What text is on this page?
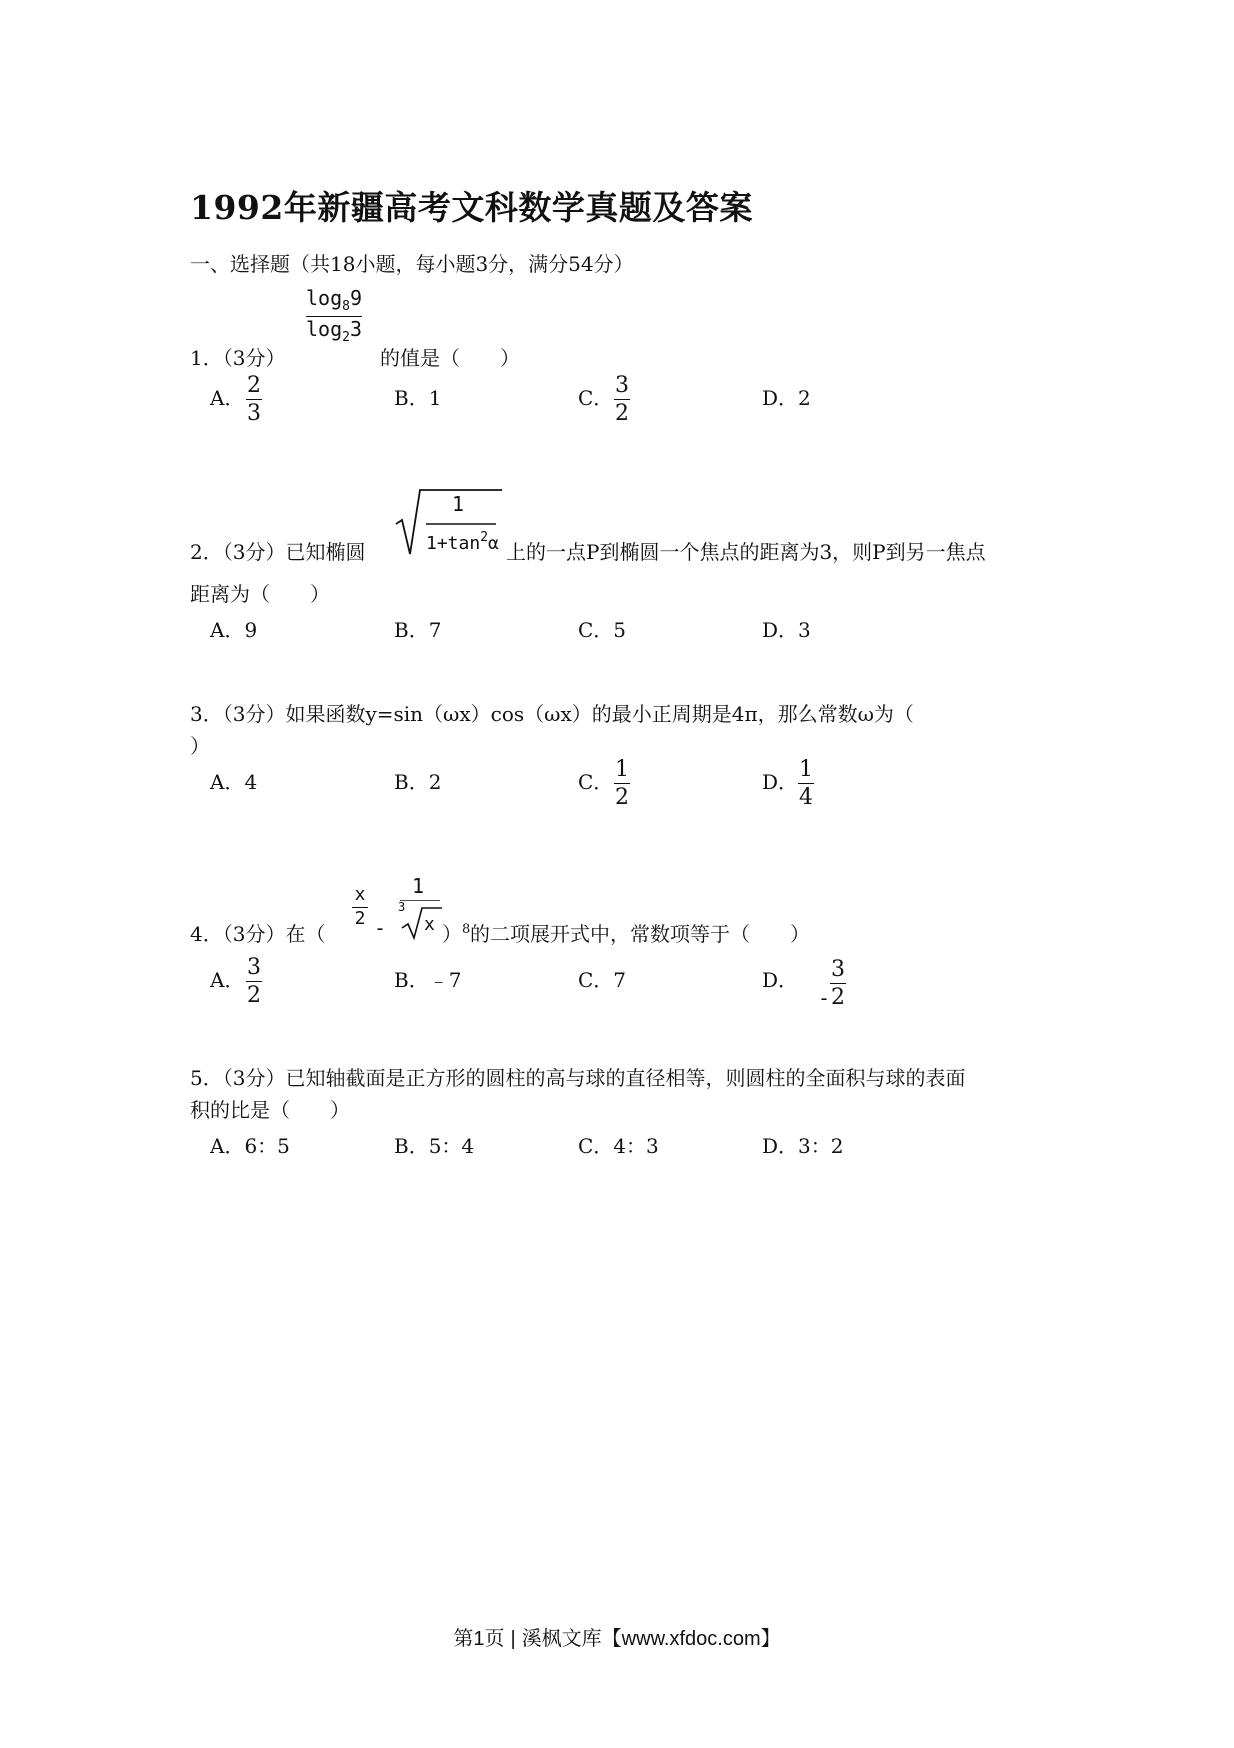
1992年新疆高考文科数学真题及答案
一、选择题（共18小题，每小题3分，满分54分）
1．（3分）
$\log_89$
$\log_23$
的值是（　　）
A． 2
3
B．1	C． 3
2
D．2
2．（3分）已知椭圆
1
$1+\tan^2\alpha$ 上的一点P到椭圆一个焦点的距离为3，则P到另一焦点
距离为（　　）
A．9	B．7	C．5	D．3
3．（3分）如果函数y=sin（ωx）cos（ωx）的最小正周期是4π，那么常数ω为（
）
A．4	B．2	C． 1
2
D． 1
4
4．（3分）在（
x
2 -
1
3
x ）$^8$ 的二项展开式中，常数项等于（　　）
A． 3
2
B．﹣7	C．7	D．
-
3
2
5．（3分）已知轴截面是正方形的圆柱的高与球的直径相等，则圆柱的全面积与球的表面
积的比是（　　）
A．6：5	B．5：4	C．4：3	D．3：2
第1页 | 溪枫文库【www.xfdoc.com】
